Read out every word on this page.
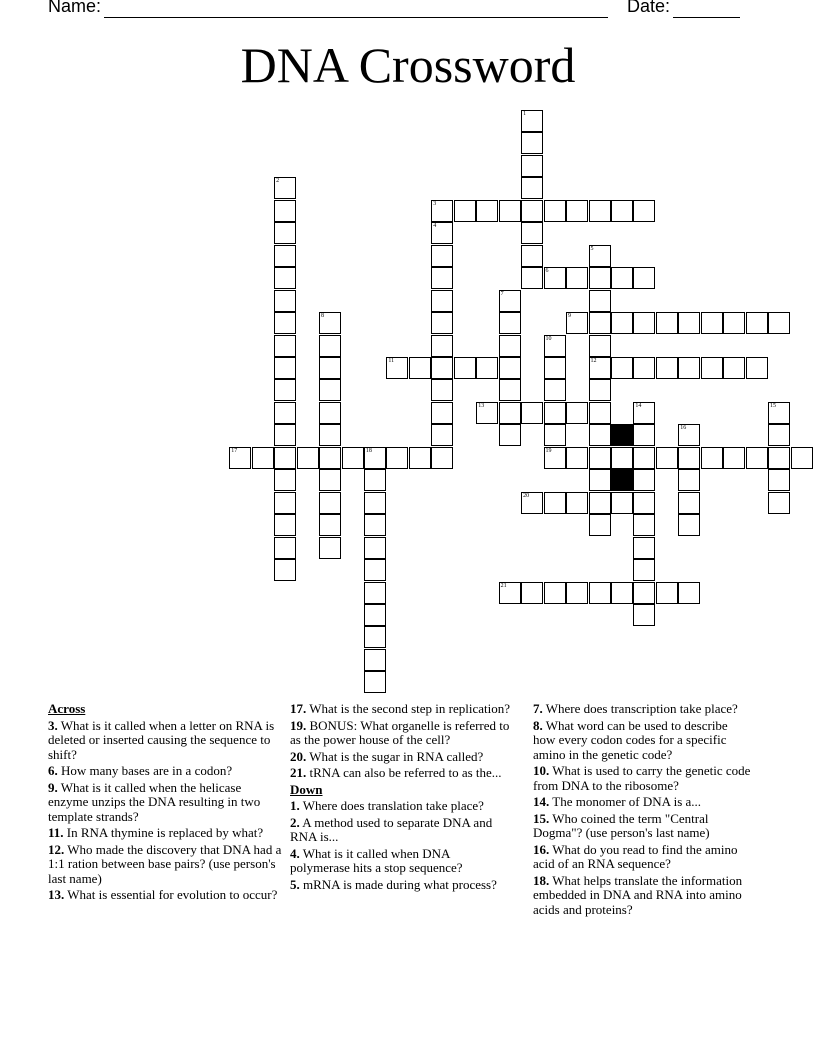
Name:	Date:
DNA Crossword
1
2
3
4
5
12
6
7
8	9
10
11
13	14	15
16
17	18	19
20
21
Across

3. What is it called when a letter on RNA is deleted or inserted causing the sequence to shift?

6. How many bases are in a codon?

9. What is it called when the helicase enzyme unzips the DNA resulting in two template strands?

11. In RNA thymine is replaced by what?

12. Who made the discovery that DNA had a 1:1 ration between base pairs? (use person's last name)

13. What is essential for evolution to occur?

17. What is the second step in replication?

19. BONUS: What organelle is referred to as the power house of the cell?

20. What is the sugar in RNA called?

21. tRNA can also be referred to as the...

Down

1. Where does translation take place?

2. A method used to separate DNA and RNA is...

4. What is it called when DNA polymerase hits a stop sequence?

5. mRNA is made during what process?

7. Where does transcription take place?

8. What word can be used to describe how every codon codes for a specific amino in the genetic code?

10. What is used to carry the genetic code from DNA to the ribosome?

14. The monomer of DNA is a...

15. Who coined the term "Central Dogma"? (use person's last name)

16. What do you read to find the amino acid of an RNA sequence?

18. What helps translate the information embedded in DNA and RNA into amino acids and proteins?
